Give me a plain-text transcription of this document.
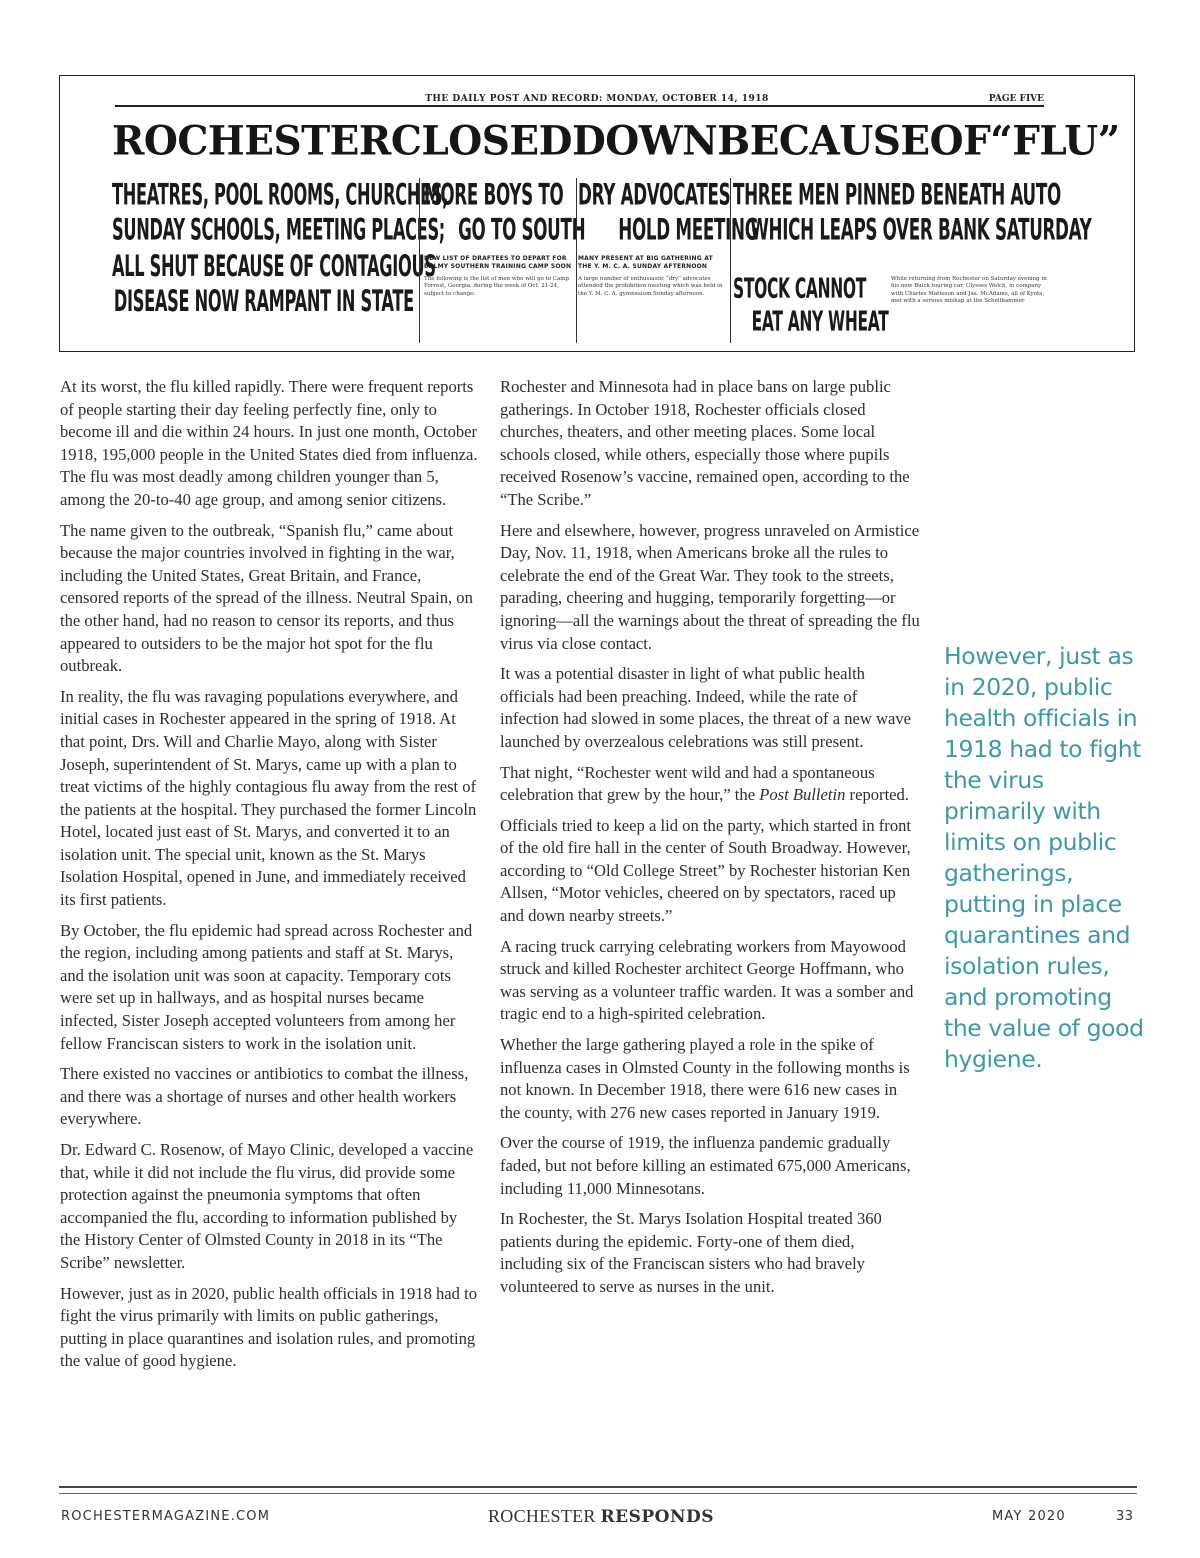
THE DAILY POST AND RECORD: MONDAY, OCTOBER 14, 1918	PAGE FIVE
ROCHESTER CLOSED DOWN BECAUSE OF “FLU”
THEATRES, POOL ROOMS, CHURCHES,
SUNDAY SCHOOLS, MEETING PLACES;
ALL SHUT BECAUSE OF CONTAGIOUS
DISEASE NOW RAMPANT IN STATE
MORE BOYS TO
GO TO SOUTH
NEW LIST OF DRAFTEES TO DEPART FOR BALMY SOUTHERN TRAINING CAMP SOON
The following is the list of men who will go to Camp Forrest, Georgia, during the week of Oct. 21-24, subject to change:
DRY ADVOCATES
HOLD MEETING
MANY PRESENT AT BIG GATHERING AT THE Y. M. C. A. SUNDAY AFTERNOON
A large number of enthusiastic “dry” advocates attended the prohibition meeting which was held in the Y. M. C. A. gymnasium Sunday afternoon.
THREE MEN PINNED BENEATH AUTO
WHICH LEAPS OVER BANK SATURDAY
STOCK CANNOT
EAT ANY WHEAT
While returning from Rochester on Saturday evening in his new Buick touring car, Ulysses Welch, in company with Charles Matteson and Jas. McAdams, all of Kyota, met with a serious mishap at the Schellhammer

At its worst, the flu killed rapidly. There were frequent reports of people starting their day feeling perfectly fine, only to become ill and die within 24 hours. In just one month, October 1918, 195,000 people in the United States died from influenza. The flu was most deadly among children younger than 5, among the 20-to-40 age group, and among senior citizens.

The name given to the outbreak, “Spanish flu,” came about because the major countries involved in fighting in the war, including the United States, Great Britain, and France, censored reports of the spread of the illness. Neutral Spain, on the other hand, had no reason to censor its reports, and thus appeared to outsiders to be the major hot spot for the flu outbreak.

In reality, the flu was ravaging populations everywhere, and initial cases in Rochester appeared in the spring of 1918. At that point, Drs. Will and Charlie Mayo, along with Sister Joseph, superintendent of St. Marys, came up with a plan to treat victims of the highly contagious flu away from the rest of the patients at the hospital. They purchased the former Lincoln Hotel, located just east of St. Marys, and converted it to an isolation unit. The special unit, known as the St. Marys Isolation Hospital, opened in June, and immediately received its first patients.

By October, the flu epidemic had spread across Rochester and the region, including among patients and staff at St. Marys, and the isolation unit was soon at capacity. Temporary cots were set up in hallways, and as hospital nurses became infected, Sister Joseph accepted volunteers from among her fellow Franciscan sisters to work in the isolation unit.

There existed no vaccines or antibiotics to combat the illness, and there was a shortage of nurses and other health workers everywhere.

Dr. Edward C. Rosenow, of Mayo Clinic, developed a vaccine that, while it did not include the flu virus, did provide some protection against the pneumonia symptoms that often accompanied the flu, according to information published by the History Center of Olmsted County in 2018 in its “The Scribe” newsletter.

However, just as in 2020, public health officials in 1918 had to fight the virus primarily with limits on public gatherings, putting in place quarantines and isolation rules, and promoting the value of good hygiene.

Rochester and Minnesota had in place bans on large public gatherings. In October 1918, Rochester officials closed churches, theaters, and other meeting places. Some local schools closed, while others, especially those where pupils received Rosenow’s vaccine, remained open, according to the “The Scribe.”

Here and elsewhere, however, progress unraveled on Armistice Day, Nov. 11, 1918, when Americans broke all the rules to celebrate the end of the Great War. They took to the streets, parading, cheering and hugging, temporarily forgetting—or ignoring—all the warnings about the threat of spreading the flu virus via close contact.

It was a potential disaster in light of what public health officials had been preaching. Indeed, while the rate of infection had slowed in some places, the threat of a new wave launched by overzealous celebrations was still present.

That night, “Rochester went wild and had a spontaneous celebration that grew by the hour,” the Post Bulletin reported.

Officials tried to keep a lid on the party, which started in front of the old fire hall in the center of South Broadway. However, according to “Old College Street” by Rochester historian Ken Allsen, “Motor vehicles, cheered on by spectators, raced up and down nearby streets.”

A racing truck carrying celebrating workers from Mayowood struck and killed Rochester architect George Hoffmann, who was serving as a volunteer traffic warden. It was a somber and tragic end to a high-spirited celebration.

Whether the large gathering played a role in the spike of influenza cases in Olmsted County in the following months is not known. In December 1918, there were 616 new cases in the county, with 276 new cases reported in January 1919.

Over the course of 1919, the influenza pandemic gradually faded, but not before killing an estimated 675,000 Americans, including 11,000 Minnesotans.

In Rochester, the St. Marys Isolation Hospital treated 360 patients during the epidemic. Forty-one of them died, including six of the Franciscan sisters who had bravely volunteered to serve as nurses in the unit.

However, just as in 2020, public health officials in 1918 had to fight the virus primarily with limits on public gatherings, putting in place quarantines and isolation rules, and promoting the value of good hygiene.
ROCHESTERMAGAZINE.COM	ROCHESTER RESPONDS	MAY 2020	33
